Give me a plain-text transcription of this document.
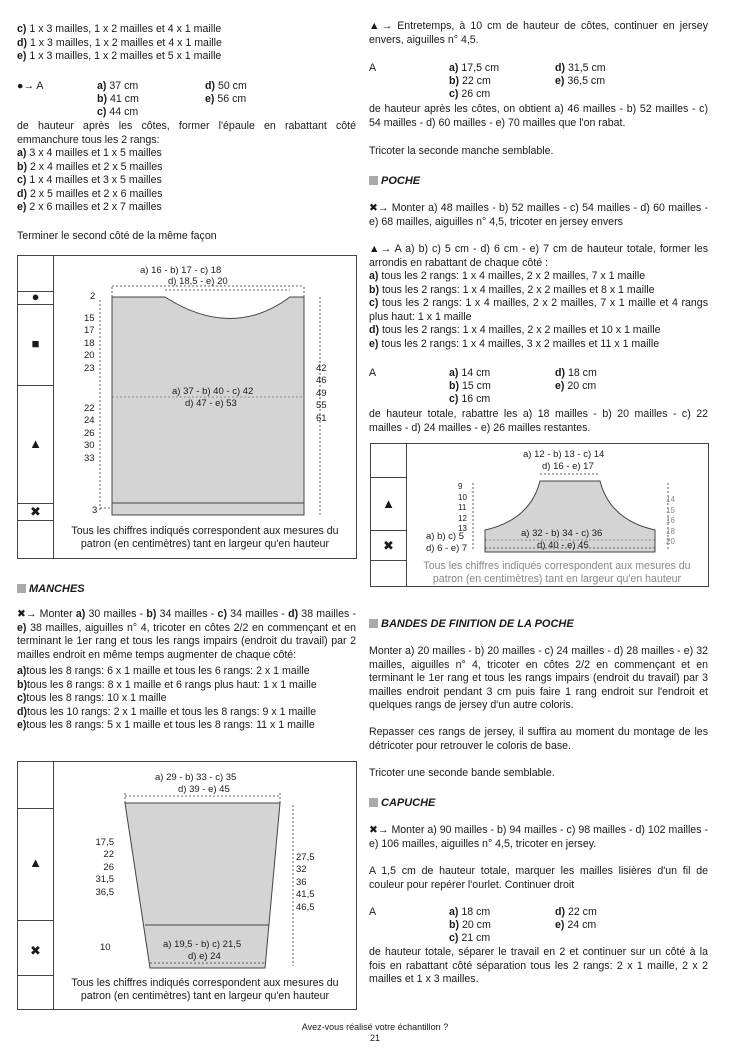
c) 1 x 3 mailles, 1 x 2 mailles et 4 x 1 maille
d) 1 x 3 mailles, 1 x 2 mailles et 4 x 1 maille
e) 1 x 3 mailles, 1 x 2 mailles et 5 x 1 maille
●→ A	a) 37 cm
b) 41 cm
c) 44 cm
d) 50 cm
e) 56 cm
de hauteur après les côtes, former l'épaule en rabattant côté emmanchure tous les 2 rangs:
a) 3 x 4 mailles et 1 x 5 mailles
b) 2 x 4 mailles et 2 x 5 mailles
c) 1 x 4 mailles et 3 x 5 mailles
d) 2 x 5 mailles et 2 x 6 mailles
e) 2 x 6 mailles et 2 x 7 mailles
Terminer le second côté de la même façon
●
■
▲
✖
a) 16 - b) 17 - c) 18
d) 18,5 - e) 20
2
15
17
18
20
23
22
24
26
30
33
42
46
49
55
61
a) 37 - b) 40 - c) 42
d) 47 - e) 53
3
Tous les chiffres indiqués correspondent aux mesures du patron (en centimètres) tant en largeur qu'en hauteur
MANCHES
✖→ Monter a) 30 mailles - b) 34 mailles - c) 34 mailles - d) 38 mailles - e) 38 mailles, aiguilles n° 4, tricoter en côtes 2/2 en commençant et en terminant le 1er rang et tous les rangs impairs (endroit du travail) par 2 mailles endroit en même temps augmenter de chaque côté:
a)tous les 8 rangs: 6 x 1 maille et tous les 6 rangs: 2 x 1 maille
b)tous les 8 rangs: 8 x 1 maille et 6 rangs plus haut: 1 x 1 maille
c)tous les 8 rangs: 10 x 1 maille
d)tous les 10 rangs: 2 x 1 maille et tous les 8 rangs: 9 x 1 maille
e)tous les 8 rangs: 5 x 1 maille et tous les 8 rangs: 11 x 1 maille
▲
✖
a) 29 - b) 33 - c) 35
d) 39 - e) 45
17,5
22
26
31,5
36,5
27,5
32
36
41,5
46,5
a) 19,5 - b) c) 21,5
d) e) 24
10
Tous les chiffres indiqués correspondent aux mesures du patron (en centimètres) tant en largeur qu'en hauteur
▲→ Entretemps, à 10 cm de hauteur de côtes, continuer en jersey envers, aiguilles n° 4,5.
A	a) 17,5 cm
b) 22 cm
c) 26 cm
d) 31,5 cm
e) 36,5 cm
de hauteur après les côtes, on obtient a) 46 mailles - b) 52 mailles - c) 54 mailles - d) 60 mailles - e) 70 mailles que l'on rabat.
Tricoter la seconde manche semblable.
POCHE
✖→ Monter a) 48 mailles - b) 52 mailles - c) 54 mailles - d) 60 mailles - e) 68 mailles, aiguilles n° 4,5, tricoter en jersey envers
▲→ A a) b) c) 5 cm - d) 6 cm - e) 7 cm de hauteur totale, former les arrondis en rabattant de chaque côté :
a) tous les 2 rangs: 1 x 4 mailles, 2 x 2 mailles, 7 x 1 maille
b) tous les 2 rangs: 1 x 4 mailles, 2 x 2 mailles et 8 x 1 maille
c) tous les 2 rangs: 1 x 4 mailles, 2 x 2 mailles, 7 x 1 maille et 4 rangs plus haut: 1 x 1 maille
d) tous les 2 rangs: 1 x 4 mailles, 2 x 2 mailles et 10 x 1 maille
e) tous les 2 rangs: 1 x 4 mailles, 3 x 2 mailles et 11 x 1 maille
A	a) 14 cm
b) 15 cm
c) 16 cm
d) 18 cm
e) 20 cm
de hauteur totale, rabattre les a) 18 mailles - b) 20 mailles - c) 22 mailles - d) 24 mailles - e) 26 mailles restantes.
▲
✖
a) 12 - b) 13 - c) 14
d) 16 - e) 17
9
10
11
12
13
14
15
16
18
20
a) 32 - b) 34 - c) 36
d) 40 - e) 45
a) b) c) 5
d) 6 - e) 7
Tous les chiffres indiqués correspondent aux mesures du patron (en centimètres) tant en largeur qu'en hauteur
BANDES DE FINITION DE LA POCHE
Monter a) 20 mailles - b) 20 mailles - c) 24 mailles - d) 28 mailles - e) 32 mailles, aiguilles n° 4, tricoter en côtes 2/2 en commençant et en terminant le 1er rang et tous les rangs impairs (endroit du travail) par 3 mailles endroit pendant 3 cm puis faire 1 rang endroit sur l'endroit et quelques rangs de jersey d'un autre coloris.
Repasser ces rangs de jersey, il suffira au moment du montage de les détricoter pour retrouver le coloris de base.
Tricoter une seconde bande semblable.
CAPUCHE
✖→ Monter a) 90 mailles - b) 94 mailles - c) 98 mailles - d) 102 mailles - e) 106 mailles, aiguilles n° 4,5, tricoter en jersey.
A 1,5 cm de hauteur totale, marquer les mailles lisières d'un fil de couleur pour repérer l'ourlet. Continuer droit
A	a) 18 cm
b) 20 cm
c) 21 cm
d) 22 cm
e) 24 cm
de hauteur totale, séparer le travail en 2 et continuer sur un côté à la fois en rabattant côté séparation tous les 2 rangs: 2 x 1 maille, 2 x 2 mailles et 1 x 3 mailles.
Avez-vous réalisé votre échantillon ?
21
